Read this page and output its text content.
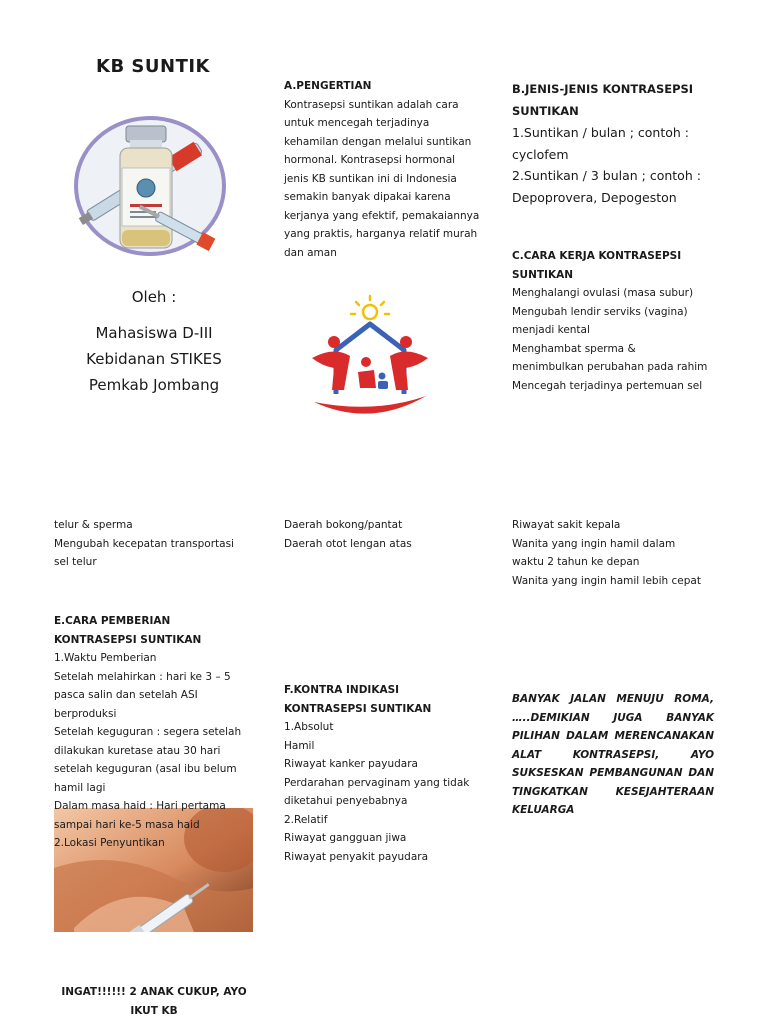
KB SUNTIK
Oleh :
Mahasiswa D-III
Kebidanan STIKES
Pemkab Jombang
A.PENGERTIAN
Kontrasepsi suntikan adalah cara
untuk mencegah terjadinya
kehamilan dengan melalui suntikan
hormonal. Kontrasepsi hormonal
jenis KB suntikan ini di Indonesia
semakin banyak dipakai karena
kerjanya yang efektif, pemakaiannya
yang praktis, harganya relatif murah
dan aman
B.JENIS-JENIS KONTRASEPSI
SUNTIKAN
1.Suntikan / bulan ; contoh :
cyclofem
2.Suntikan / 3 bulan ; contoh :
Depoprovera, Depogeston
C.CARA KERJA KONTRASEPSI
SUNTIKAN
Menghalangi ovulasi (masa subur)
Mengubah lendir serviks (vagina)
menjadi kental
Menghambat sperma &
menimbulkan perubahan pada rahim
Mencegah terjadinya pertemuan sel
telur & sperma
Mengubah kecepatan transportasi
sel telur
Daerah bokong/pantat
Daerah otot lengan atas
Riwayat sakit kepala
Wanita yang ingin hamil dalam
waktu 2 tahun ke depan
Wanita yang ingin hamil lebih cepat
E.CARA PEMBERIAN
KONTRASEPSI SUNTIKAN
1.Waktu Pemberian
Setelah melahirkan : hari ke 3 – 5
pasca salin dan setelah ASI
berproduksi
Setelah keguguran : segera setelah
dilakukan kuretase atau 30 hari
setelah keguguran (asal ibu belum
hamil lagi
Dalam masa haid : Hari pertama
sampai hari ke-5 masa haid
2.Lokasi Penyuntikan
F.KONTRA INDIKASI
KONTRASEPSI SUNTIKAN
1.Absolut
Hamil
Riwayat kanker payudara
Perdarahan pervaginam yang tidak
diketahui penyebabnya
2.Relatif
Riwayat gangguan jiwa
Riwayat penyakit payudara
BANYAK JALAN MENUJU ROMA, …..DEMIKIAN JUGA BANYAK PILIHAN DALAM MERENCANAKAN ALAT KONTRASEPSI, AYO SUKSESKAN PEMBANGUNAN DAN TINGKATKAN KESEJAHTERAAN KELUARGA
INGAT!!!!!! 2 ANAK CUKUP, AYO
IKUT KB
